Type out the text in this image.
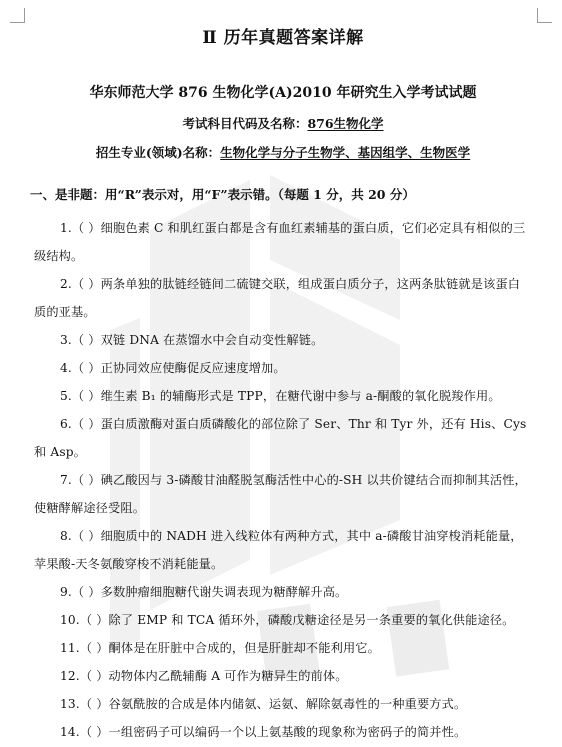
▇ ▇
Ⅱ 历年真题答案详解
华东师范大学 876 生物化学(A)2010 年研究生入学考试试题
考试科目代码及名称：876生物化学
招生专业(领域)名称：生物化学与分子生物学、基因组学、生物医学
一、是非题：用“R”表示对，用“F”表示错。（每题 1 分，共 20 分）
1.（ ）细胞色素 C 和肌红蛋白都是含有血红素辅基的蛋白质，它们必定具有相似的三级结构。
2.（ ）两条单独的肽链经链间二硫键交联，组成蛋白质分子，这两条肽链就是该蛋白质的亚基。
3.（ ）双链 DNA 在蒸馏水中会自动变性解链。
4.（ ）正协同效应使酶促反应速度增加。
5.（ ）维生素 B₁ 的辅酶形式是 TPP，在糖代谢中参与 a-酮酸的氧化脱羧作用。
6.（ ）蛋白质激酶对蛋白质磷酸化的部位除了 Ser、Thr 和 Tyr 外，还有 His、Cys 和 Asp。
7.（ ）碘乙酸因与 3-磷酸甘油醛脱氢酶活性中心的-SH 以共价键结合而抑制其活性，使糖酵解途径受阻。
8.（ ）细胞质中的 NADH 进入线粒体有两种方式，其中 a-磷酸甘油穿梭消耗能量，苹果酸-天冬氨酸穿梭不消耗能量。
9.（ ）多数肿瘤细胞糖代谢失调表现为糖酵解升高。
10.（ ）除了 EMP 和 TCA 循环外，磷酸戊糖途径是另一条重要的氧化供能途径。
11.（ ）酮体是在肝脏中合成的，但是肝脏却不能利用它。
12.（ ）动物体内乙酰辅酶 A 可作为糖异生的前体。
13.（ ）谷氨酰胺的合成是体内储氨、运氨、解除氨毒性的一种重要方式。
14.（ ）一组密码子可以编码一个以上氨基酸的现象称为密码子的简并性。
